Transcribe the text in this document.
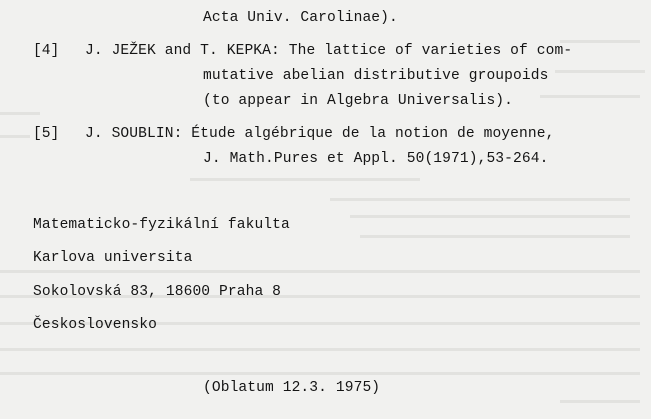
Acta Univ. Carolinae).
[4] J. JEŽEK and T. KEPKA: The lattice of varieties of com-
mutative abelian distributive groupoids
(to appear in Algebra Universalis).
[5] J. SOUBLIN: Étude algébrique de la notion de moyenne,
J. Math.Pures et Appl. 50(1971),53-264.
Matematicko-fyzikální fakulta
Karlova universita
Sokolovská 83, 18600 Praha 8
Československo
(Oblatum 12.3. 1975)
